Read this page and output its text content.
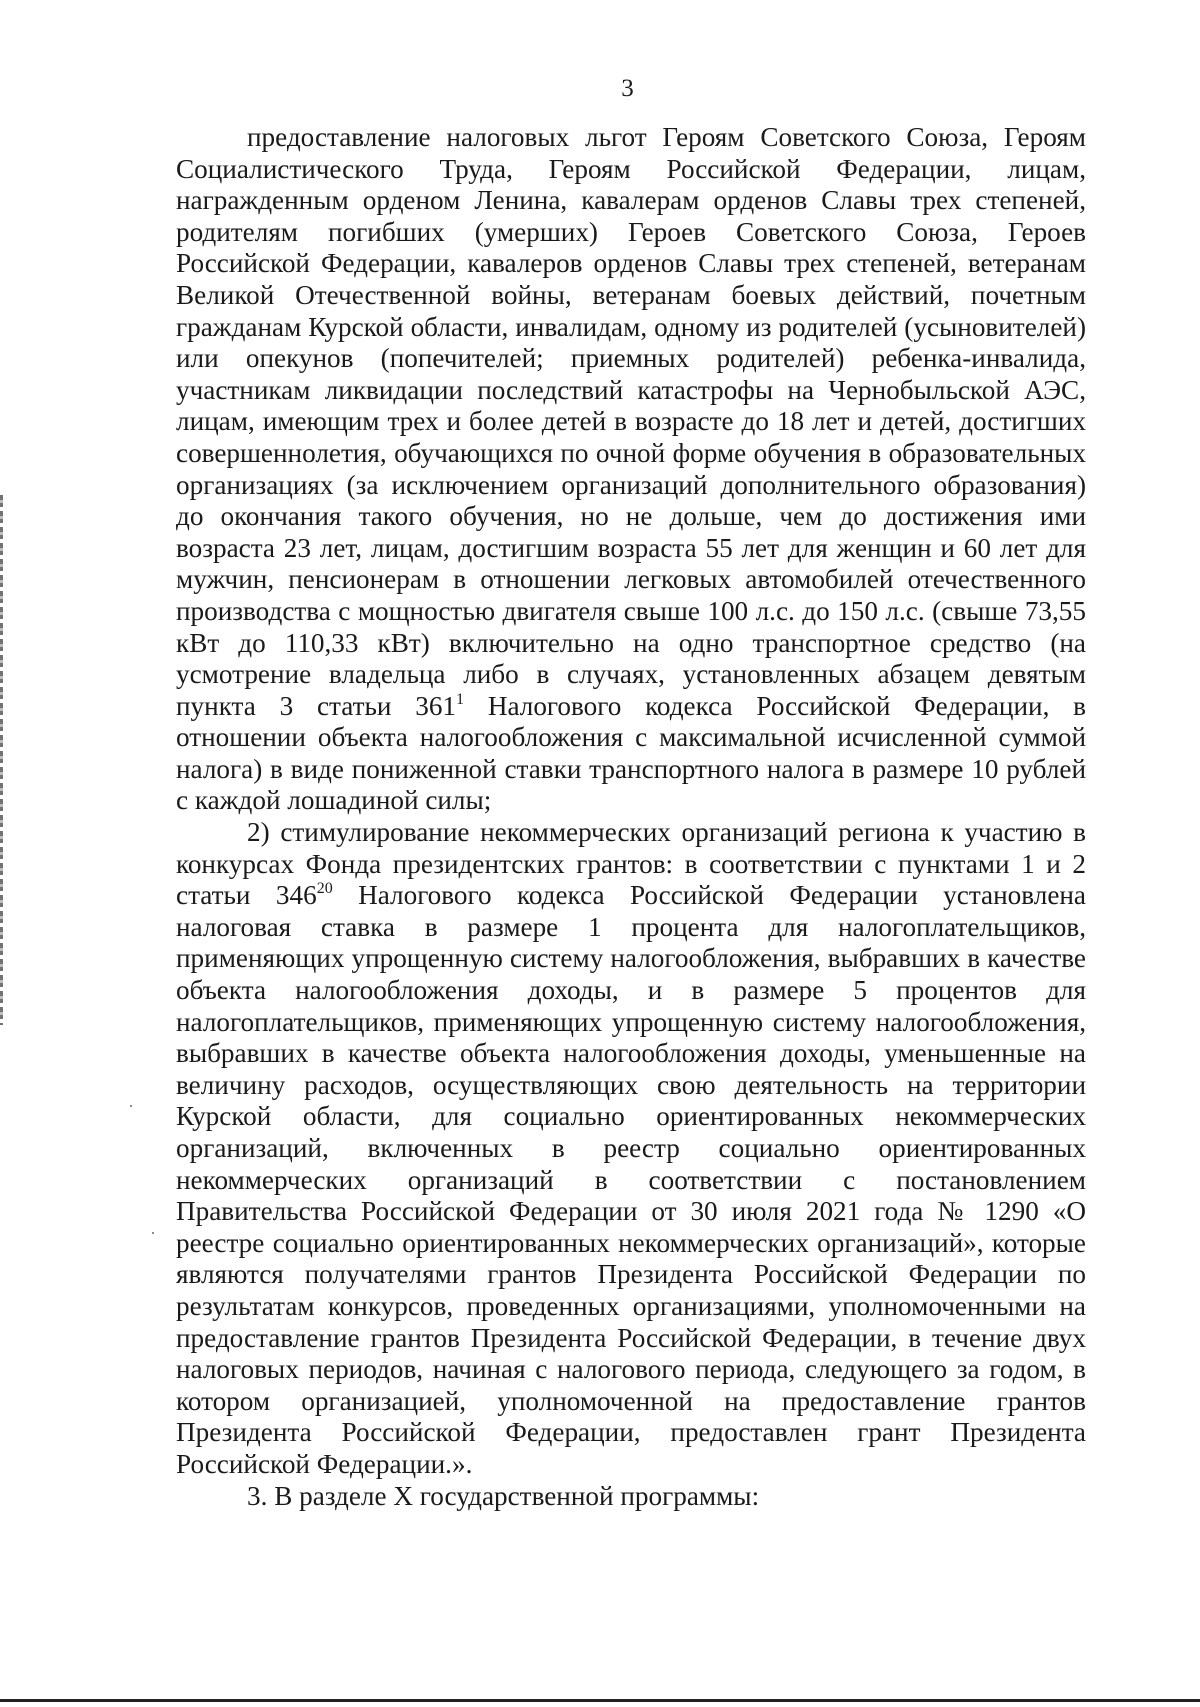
3

предоставление налоговых льгот Героям Советского Союза, Героям Социалистического Труда, Героям Российской Федерации, лицам, награжденным орденом Ленина, кавалерам орденов Славы трех степеней, родителям погибших (умерших) Героев Советского Союза, Героев Российской Федерации, кавалеров орденов Славы трех степеней, ветеранам Великой Отечественной войны, ветеранам боевых действий, почетным гражданам Курской области, инвалидам, одному из родителей (усыновителей) или опекунов (попечителей; приемных родителей) ребенка-инвалида, участникам ликвидации последствий катастрофы на Чернобыльской АЭС, лицам, имеющим трех и более детей в возрасте до 18 лет и детей, достигших совершеннолетия, обучающихся по очной форме обучения в образовательных организациях (за исключением организаций дополнительного образования) до окончания такого обучения, но не дольше, чем до достижения ими возраста 23 лет, лицам, достигшим возраста 55 лет для женщин и 60 лет для мужчин, пенсионерам в отношении легковых автомобилей отечественного производства с мощностью двигателя свыше 100 л.с. до 150 л.с. (свыше 73,55 кВт до 110,33 кВт) включительно на одно транспортное средство (на усмотрение владельца либо в случаях, установленных абзацем девятым пункта 3 статьи $361^1$ Налогового кодекса Российской Федерации, в отношении объекта налогообложения с максимальной исчисленной суммой налога) в виде пониженной ставки транспортного налога в размере 10 рублей с каждой лошадиной силы;

2) стимулирование некоммерческих организаций региона к участию в конкурсах Фонда президентских грантов: в соответствии с пунктами 1 и 2 статьи $346^{20}$ Налогового кодекса Российской Федерации установлена налоговая ставка в размере 1 процента для налогоплательщиков, применяющих упрощенную систему налогообложения, выбравших в качестве объекта налогообложения доходы, и в размере 5 процентов для налогоплательщиков, применяющих упрощенную систему налогообложения, выбравших в качестве объекта налогообложения доходы, уменьшенные на величину расходов, осуществляющих свою деятельность на территории Курской области, для социально ориентированных некоммерческих организаций, включенных в реестр социально ориентированных некоммерческих организаций в соответствии с постановлением Правительства Российской Федерации от 30 июля 2021 года № 1290 «О реестре социально ориентированных некоммерческих организаций», которые являются получателями грантов Президента Российской Федерации по результатам конкурсов, проведенных организациями, уполномоченными на предоставление грантов Президента Российской Федерации, в течение двух налоговых периодов, начиная с налогового периода, следующего за годом, в котором организацией, уполномоченной на предоставление грантов Президента Российской Федерации, предоставлен грант Президента Российской Федерации.».

3. В разделе X государственной программы:
